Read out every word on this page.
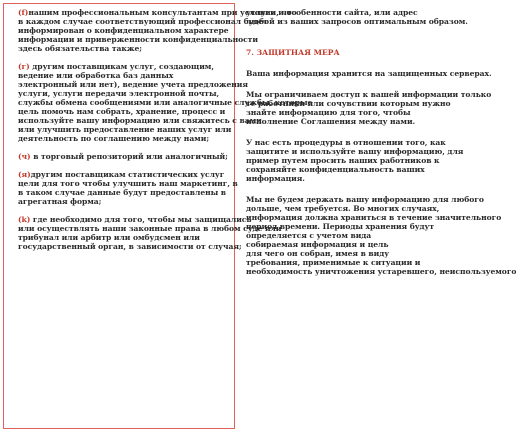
(f)нашим профессиональным консультантам при условии, что
в каждом случае соответствующий профессионал будет
информирован о конфиденциальном характере
информации и приверженности конфиденциальности
здесь обязательства также;
(г) другим поставщикам услуг, создающим,
ведение или обработка баз данных
электронный или нет), ведение учета предложения
услуги, услуги передачи электронной почты,
службы обмена сообщениями или аналогичные службы, которые
цель помочь нам собрать, хранение, процесс и
используйте вашу информацию или свяжитесь с вами
или улучшить предоставление наших услуг или
деятельность по соглашению между нами;
(ч) в торговый репозиторий или аналогичный;
(я)другим поставщикам статистических услуг
цели для того чтобы улучшить наш маркетинг, в
в таком случае данные будут предоставлены в
агрегатная форма;
(k) где необходимо для того, чтобы мы защищались
или осуществлять наши законные права в любом суде или
трибунал или арбитр или омбудсмен или
государственный орган, в зависимости от случая;
услуги и особенности сайта, или адрес
любой из ваших запросов оптимальным образом.
7. ЗАЩИТНАЯ МЕРА
Ваша информация хранится на защищенных серверах.
Мы ограничиваем доступ к вашей информации только
те работники или сочувствии которым нужно
знайте информацию для того, чтобы
исполнение Соглашения между нами.
У нас есть процедуры в отношении того, как
защитите и используйте вашу информацию, для
пример путем просить наших работников к
сохраняйте конфиденциальность ваших
информация.
Мы не будем держать вашу информацию для любого
дольше, чем требуется. Во многих случаях,
информация должна храниться в течение значительного
период времени. Периоды хранения будут
определяется с учетом вида
собираемая информация и цель
для чего он собран, имея в виду
требования, применимые к ситуации и
необходимость уничтожения устаревшего, неиспользуемого
